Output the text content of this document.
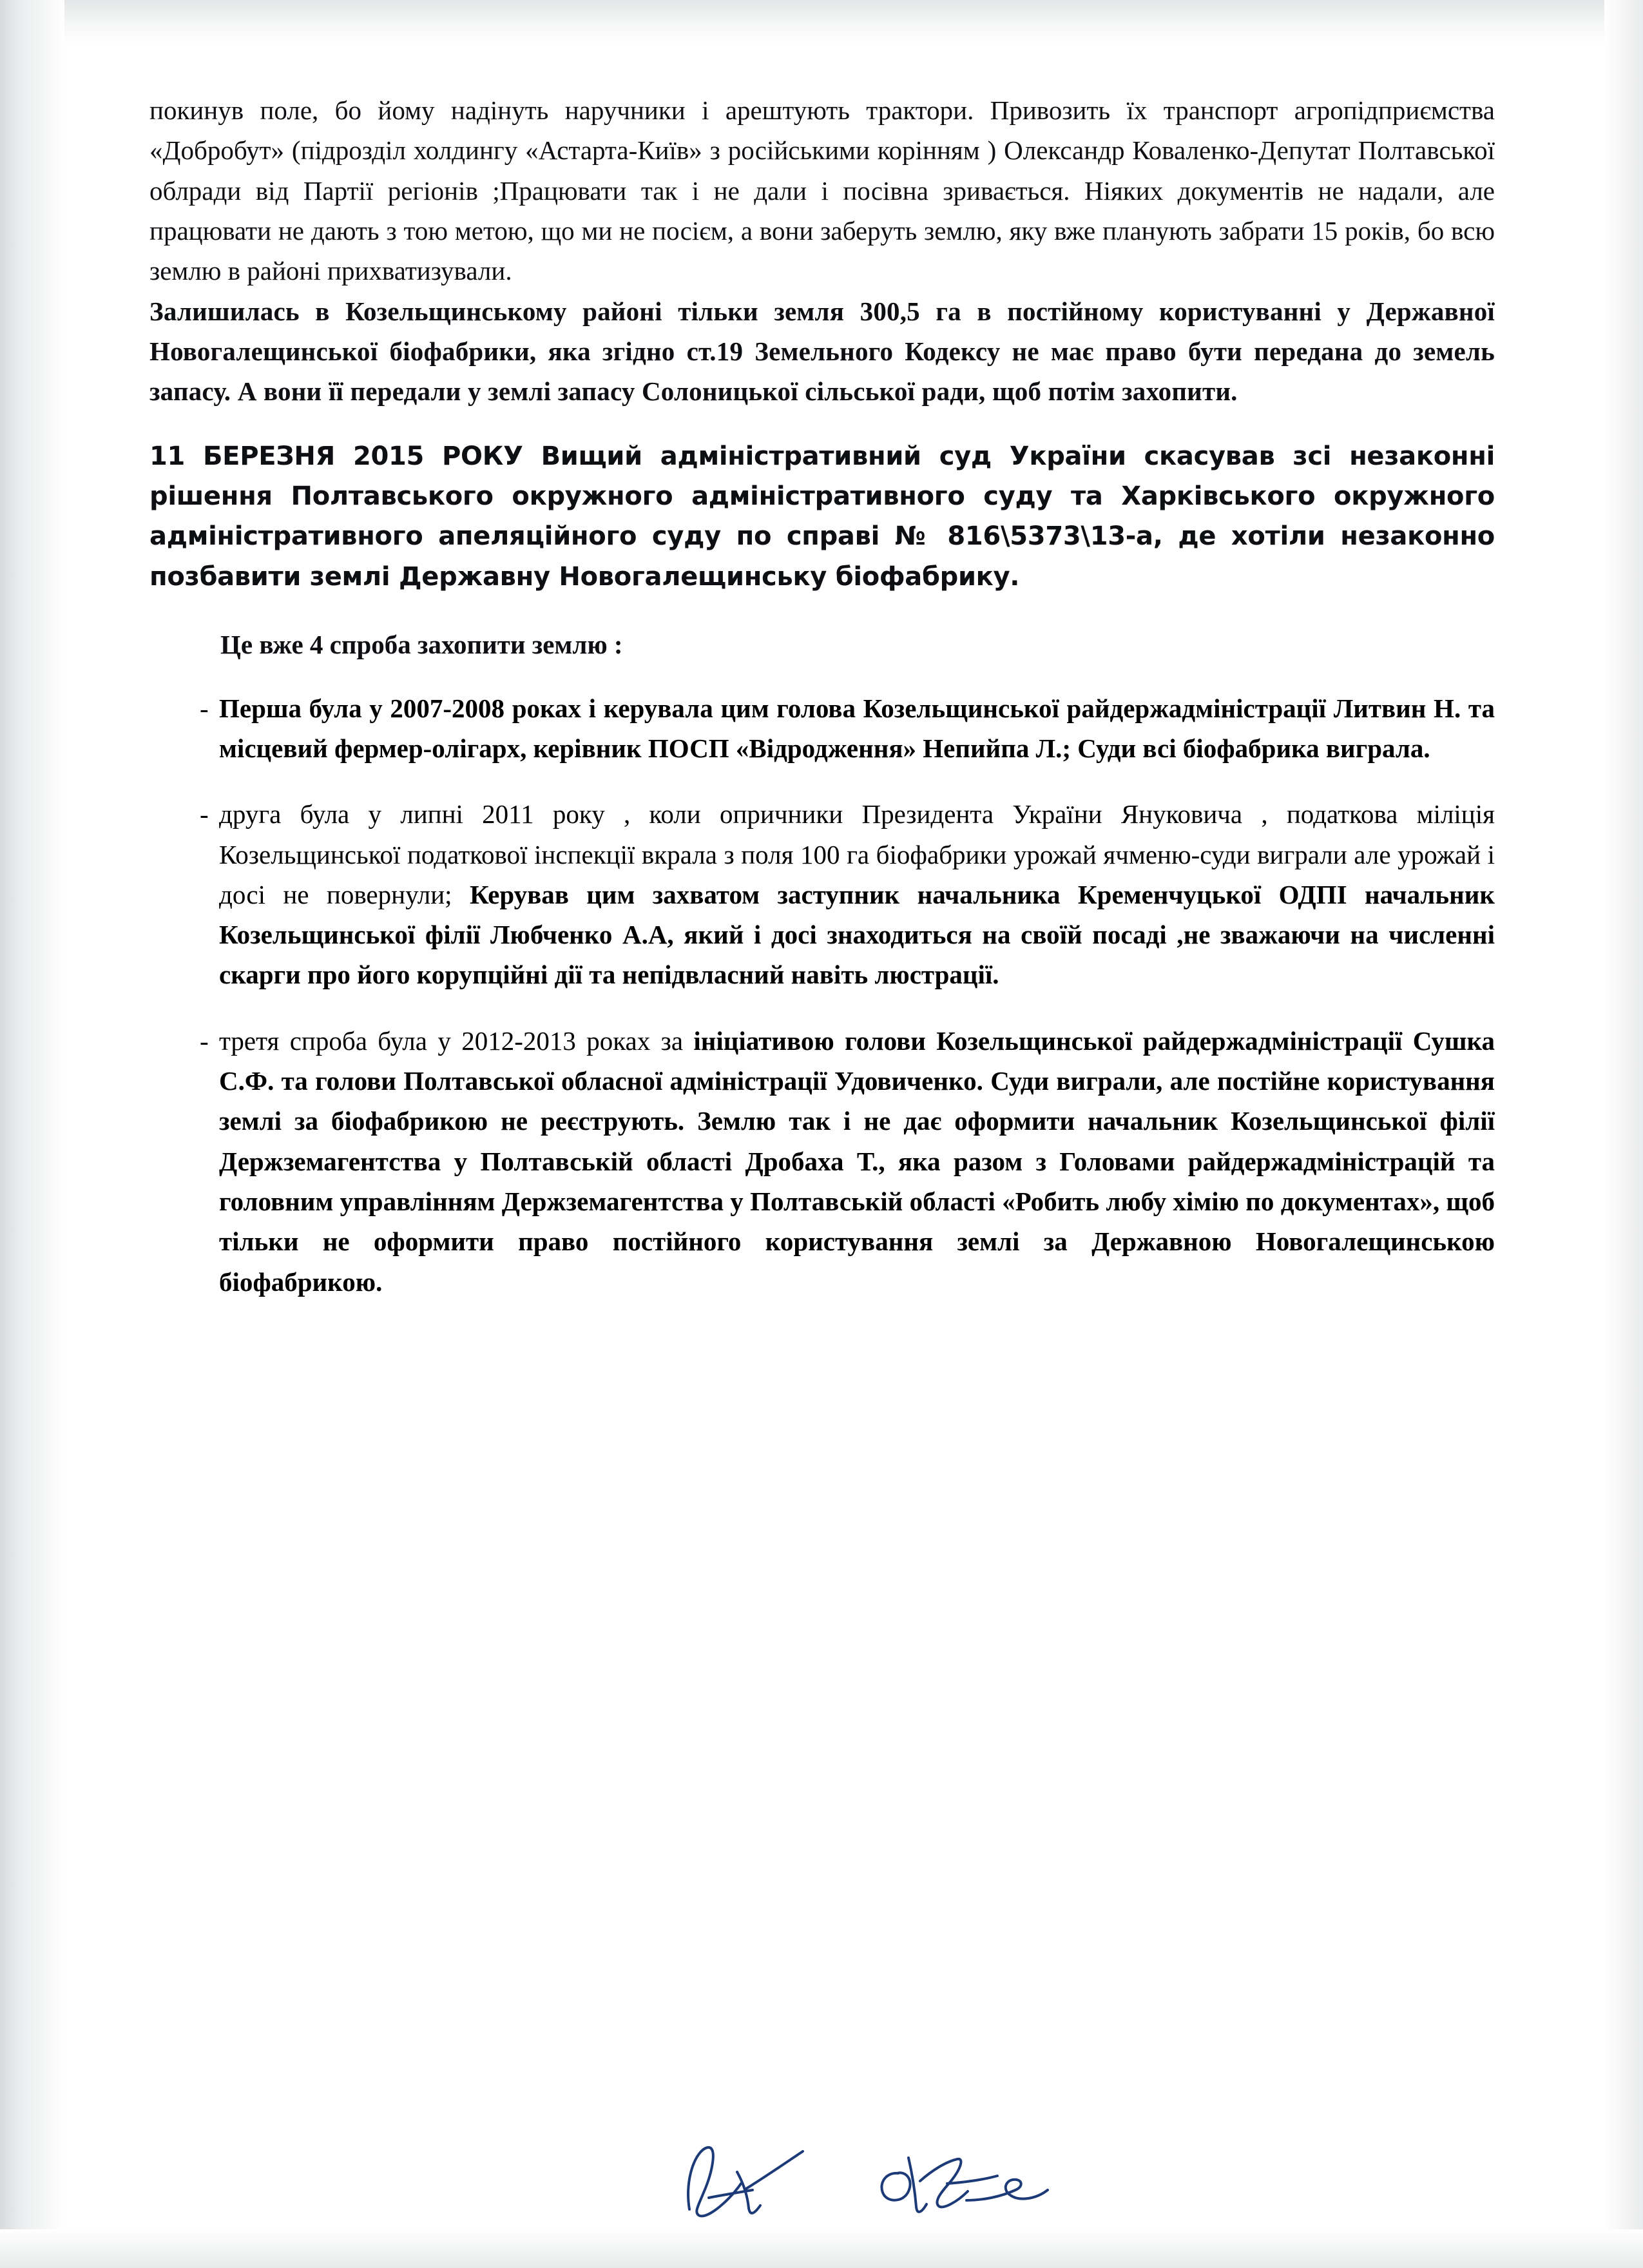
покинув поле, бо йому надінуть наручники і арештують трактори. Привозить їх транспорт агропідприємства «Добробут» (підрозділ холдингу «Астарта-Київ» з російськими корінням ) Олександр Коваленко-Депутат Полтавської облради від Партії регіонів ;Працювати так і не дали і посівна зривається. Ніяких документів не надали, але працювати не дають з тою метою, що ми не посієм, а вони заберуть землю, яку вже планують забрати 15 років, бо всю землю в районі прихватизували.

Залишилась в Козельщинському районі тільки земля 300,5 га в постійному користуванні у Державної Новогалещинської біофабрики, яка згідно ст.19 Земельного Кодексу не має право бути передана до земель запасу. А вони її передали у землі запасу Солоницької сільської ради, щоб потім захопити.

11 БЕРЕЗНЯ 2015 РОКУ Вищий адміністративний суд України скасував зсі незаконні рішення Полтавського окружного адміністративного суду та Харківського окружного адміністративного апеляційного суду по справі № 816\5373\13-а, де хотіли незаконно позбавити землі Державну Новогалещинську біофабрику.

Це вже 4 спроба захопити землю :

- Перша була у 2007-2008 роках і керувала цим голова Козельщинської райдержадміністрації Литвин Н. та місцевий фермер-олігарх, керівник ПОСП «Відродження» Непийпа Л.; Суди всі біофабрика виграла.
- друга була у липні 2011 року , коли опричники Президента України Януковича , податкова міліція Козельщинської податкової інспекції вкрала з поля 100 га біофабрики урожай ячменю-суди виграли але урожай і досі не повернули; Керував цим захватом заступник начальника Кременчуцької ОДПІ начальник Козельщинської філії Любченко А.А, який і досі знаходиться на своїй посаді ,не зважаючи на численні скарги про його корупційні дії та непідвласний навіть люстрації.
- третя спроба була у 2012-2013 роках за ініціативою голови Козельщинської райдержадміністрації Сушка С.Ф. та голови Полтавської обласної адміністрації Удовиченко. Суди виграли, але постійне користування землі за біофабрикою не реєструють. Землю так і не дає оформити начальник Козельщинської філії Держземагентства у Полтавській області Дробаха Т., яка разом з Головами райдержадміністрацій та головним управлінням Держземагентства у Полтавській області «Робить любу хімію по документах», щоб тільки не оформити право постійного користування землі за Державною Новогалещинською біофабрикою.
